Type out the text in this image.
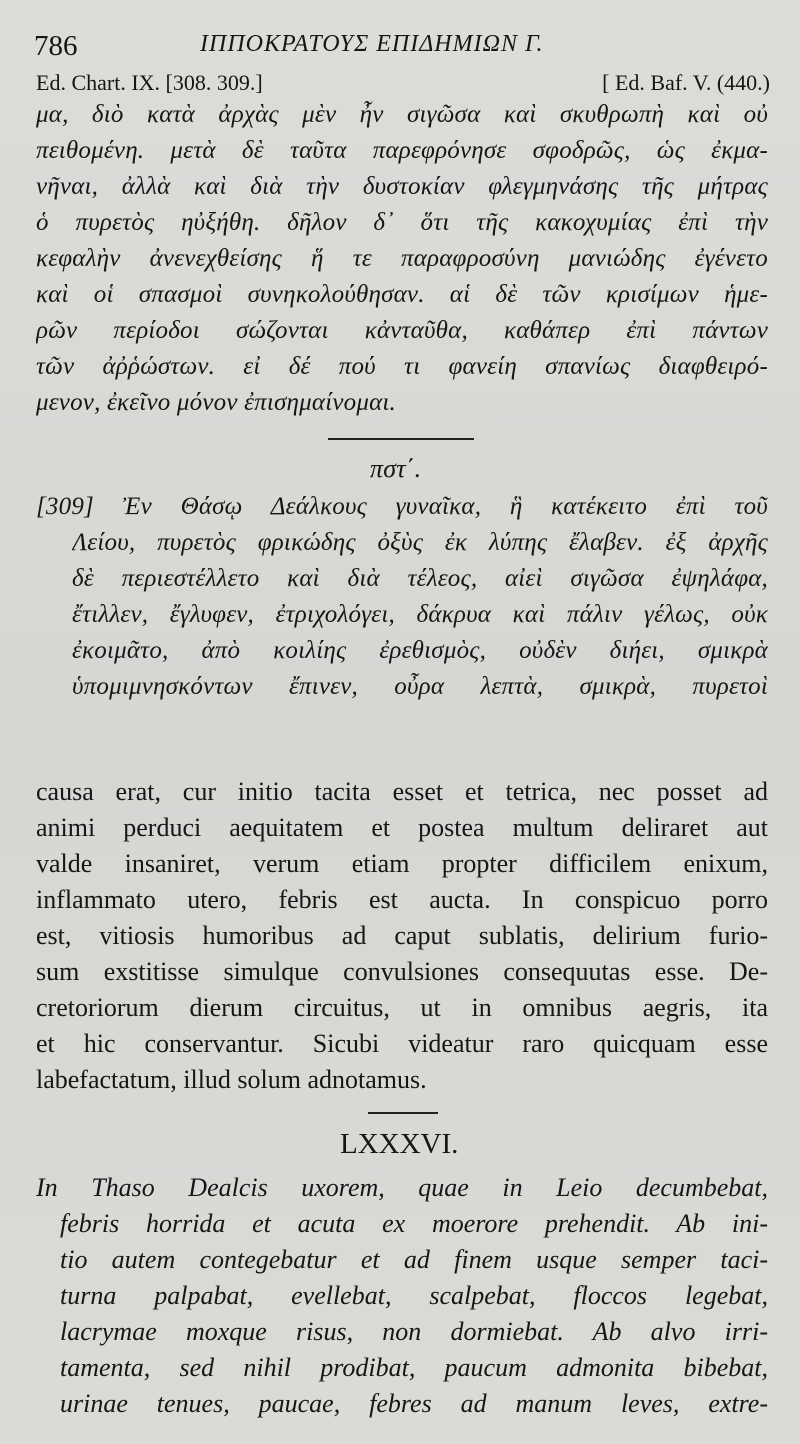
786	ΙΠΠΟΚΡΑΤΟΥΣ ΕΠΙΔΗΜΙΩΝ Γ.
Ed. Chart. IX. [308. 309.]	[ Ed. Baf. V. (440.)
μα, διὸ κατὰ ἀρχὰς μὲν ἦν σιγῶσα καὶ σκυθρωπὴ καὶ οὐ
πειθομένη. μετὰ δὲ ταῦτα παρεφρόνησε σφοδρῶς, ὡς ἐκμα-
νῆναι, ἀλλὰ καὶ διὰ τὴν δυστοκίαν φλεγμηνάσης τῆς μήτρας
ὁ πυρετὸς ηὐξήθη. δῆλον δ᾽ ὅτι τῆς κακοχυμίας ἐπὶ τὴν
κεφαλὴν ἀνενεχθείσης ἥ τε παραφροσύνη μανιώδης ἐγένετο
καὶ οἱ σπασμοὶ συνηκολούθησαν. αἱ δὲ τῶν κρισίμων ἡμε-
ρῶν περίοδοι σώζονται κἀνταῦθα, καθάπερ ἐπὶ πάντων
τῶν ἀῤῥώστων. εἰ δέ πού τι φανείη σπανίως διαφθειρό-
μενον, ἐκεῖνο μόνον ἐπισημαίνομαι.
πστ΄.
[309] Ἐν Θάσῳ Δεάλκους γυναῖκα, ἣ κατέκειτο ἐπὶ τοῦ
Λείου, πυρετὸς φρικώδης ὀξὺς ἐκ λύπης ἔλαβεν. ἐξ ἀρχῆς
δὲ περιεστέλλετο καὶ διὰ τέλεος, αἰεὶ σιγῶσα ἐψηλάφα,
ἔτιλλεν, ἔγλυφεν, ἐτριχολόγει, δάκρυα καὶ πάλιν γέλως, οὐκ
ἐκοιμᾶτο, ἀπὸ κοιλίης ἐρεθισμὸς, οὐδὲν διήει, σμικρὰ
ὑπομιμνησκόντων ἔπινεν, οὖρα λεπτὰ, σμικρὰ, πυρετοὶ
causa erat, cur initio tacita esset et tetrica, nec posset ad
animi perduci aequitatem et postea multum deliraret aut
valde insaniret, verum etiam propter difficilem enixum,
inflammato utero, febris est aucta. In conspicuo porro
est, vitiosis humoribus ad caput sublatis, delirium furio-
sum exstitisse simulque convulsiones consequutas esse. De-
cretoriorum dierum circuitus, ut in omnibus aegris, ita
et hic conservantur. Sicubi videatur raro quicquam esse
labefactatum, illud solum adnotamus.
LXXXVI.
In Thaso Dealcis uxorem, quae in Leio decumbebat,
febris horrida et acuta ex moerore prehendit. Ab ini-
tio autem contegebatur et ad finem usque semper taci-
turna palpabat, evellebat, scalpebat, floccos legebat,
lacrymae moxque risus, non dormiebat. Ab alvo irri-
tamenta, sed nihil prodibat, paucum admonita bibebat,
urinae tenues, paucae, febres ad manum leves, extre-
